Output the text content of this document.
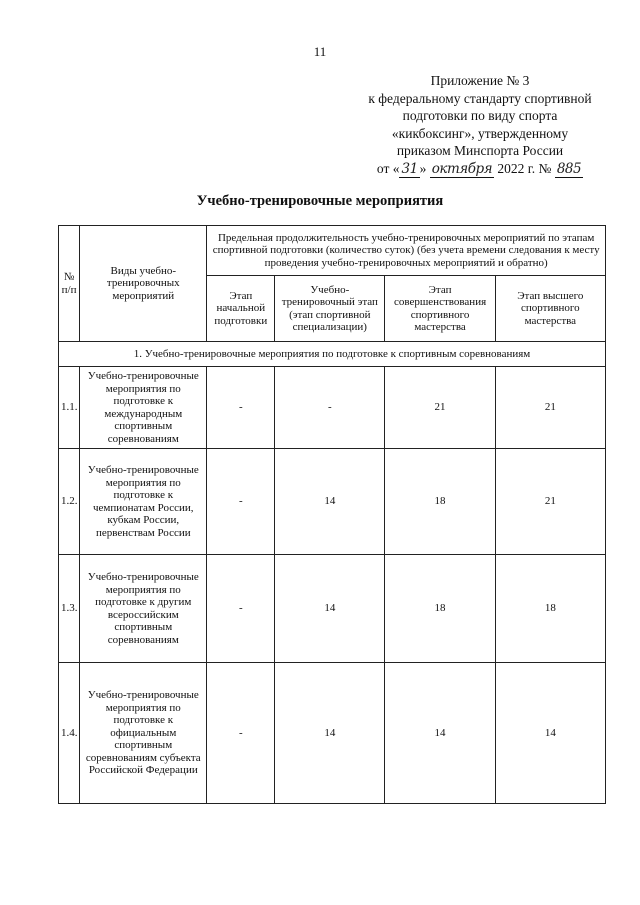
11
Приложение № 3
к федеральному стандарту спортивной
подготовки по виду спорта
«кикбоксинг», утвержденному
приказом Минспорта России
от « 31 » октября 2022 г. № 885
Учебно-тренировочные мероприятия
№ п/п	Виды учебно-тренировочных мероприятий	Предельная продолжительность учебно-тренировочных мероприятий по этапам спортивной подготовки (количество суток) (без учета времени следования к месту проведения учебно-тренировочных мероприятий и обратно)			
		Этап начальной подготовки	Учебно-тренировочный этап (этап спортивной специализации)	Этап совершенствования спортивного мастерства	Этап высшего спортивного мастерства
1. Учебно-тренировочные мероприятия по подготовке к спортивным соревнованиям					
1.1.	Учебно-тренировочные мероприятия по подготовке к международным спортивным соревнованиям	-	-	21	21
1.2.	Учебно-тренировочные мероприятия по подготовке к чемпионатам России, кубкам России, первенствам России	-	14	18	21
1.3.	Учебно-тренировочные мероприятия по подготовке к другим всероссийским спортивным соревнованиям	-	14	18	18
1.4.	Учебно-тренировочные мероприятия по подготовке к официальным спортивным соревнованиям субъекта Российской Федерации	-	14	14	14
